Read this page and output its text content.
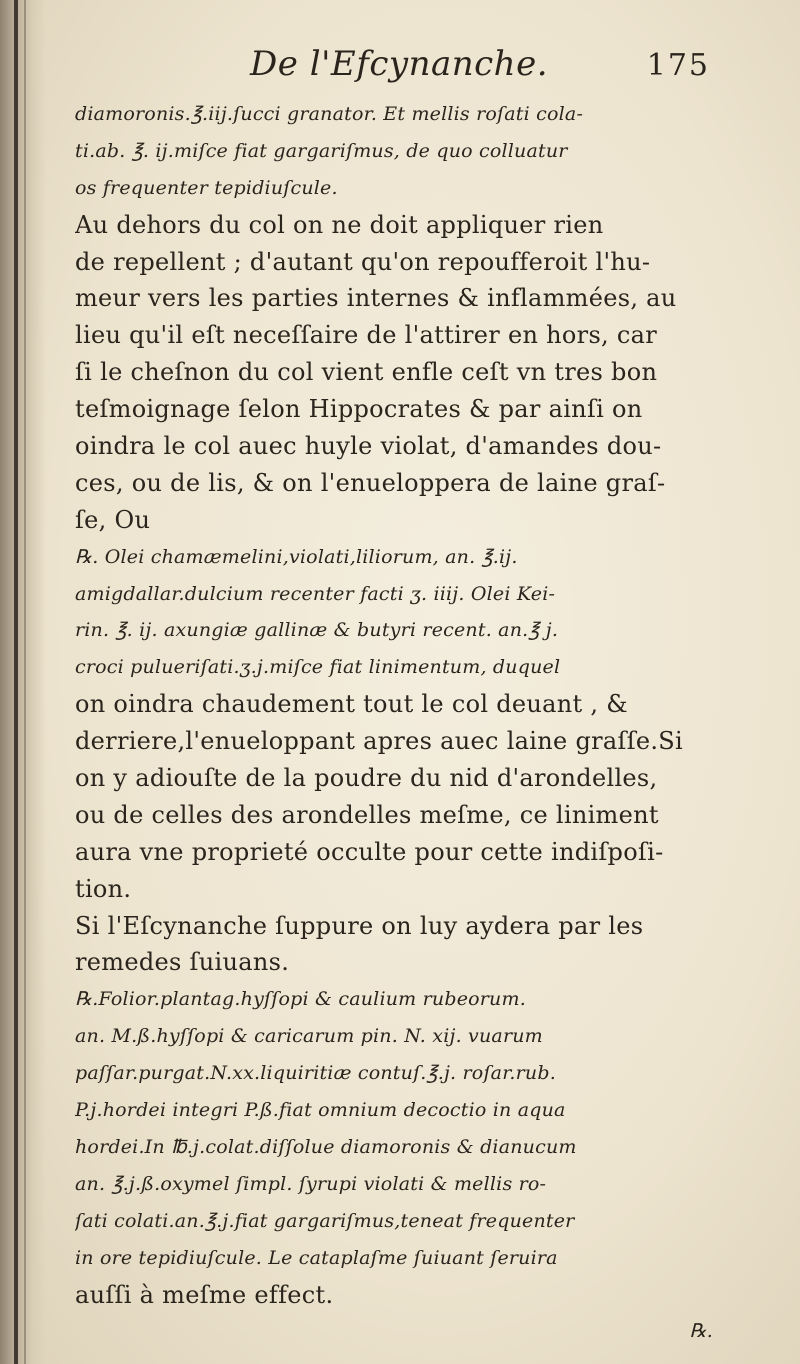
De l'Efcynanche.	175
diamoronis.℥.iij.ſucci granator. Et mellis roſati cola-
ti.ab. ℥. ij.miſce fiat gargariſmus, de quo colluatur
os frequenter tepidiuſcule.
Au dehors du col on ne doit appliquer rien
de repellent ; d'autant qu'on repoufferoit l'hu-
meur vers les parties internes & inflammées, au
lieu qu'il eſt neceſſaire de l'attirer en hors, car
ſi le cheſnon du col vient enfle ceſt vn tres bon
teſmoignage ſelon Hippocrates & par ainſi on
oindra le col auec huyle violat, d'amandes dou-
ces, ou de lis, & on l'enueloppera de laine graſ-
ſe, Ou
℞. Olei chamæmelini,violati,liliorum, an. ℥.ij.
amigdallar.dulcium recenter facti ʒ. iiij. Olei Kei-
rin. ℥. ij. axungiæ gallinæ & butyri recent. an.℥ j.
croci pulueriſati.ʒ.j.miſce fiat linimentum, duquel
on oindra chaudement tout le col deuant , &
derriere,l'enueloppant apres auec laine graſſe.Si
on y adiouſte de la poudre du nid d'arondelles,
ou de celles des arondelles meſme, ce liniment
aura vne proprieté occulte pour cette indiſpoſi-
tion.
Si l'Eſcynanche ſuppure on luy aydera par les
remedes ſuiuans.
℞.Folior.plantag.hyſſopi & caulium rubeorum.
an. M.ß.hyſſopi & caricarum pin. N. xij. vuarum
paſſar.purgat.N.xx.liquiritiæ contuſ.℥.j. roſar.rub.
P.j.hordei integri P.ß.fiat omnium decoctio in aqua
hordei.In ℔.j.colat.diſſolue diamoronis & dianucum
an. ℥.j.ß.oxymel ſimpl. ſyrupi violati & mellis ro-
ſati colati.an.℥.j.fiat gargariſmus,teneat frequenter
in ore tepidiuſcule. Le cataplaſme ſuiuant ſeruira
auſſi à meſme effect.
℞.
